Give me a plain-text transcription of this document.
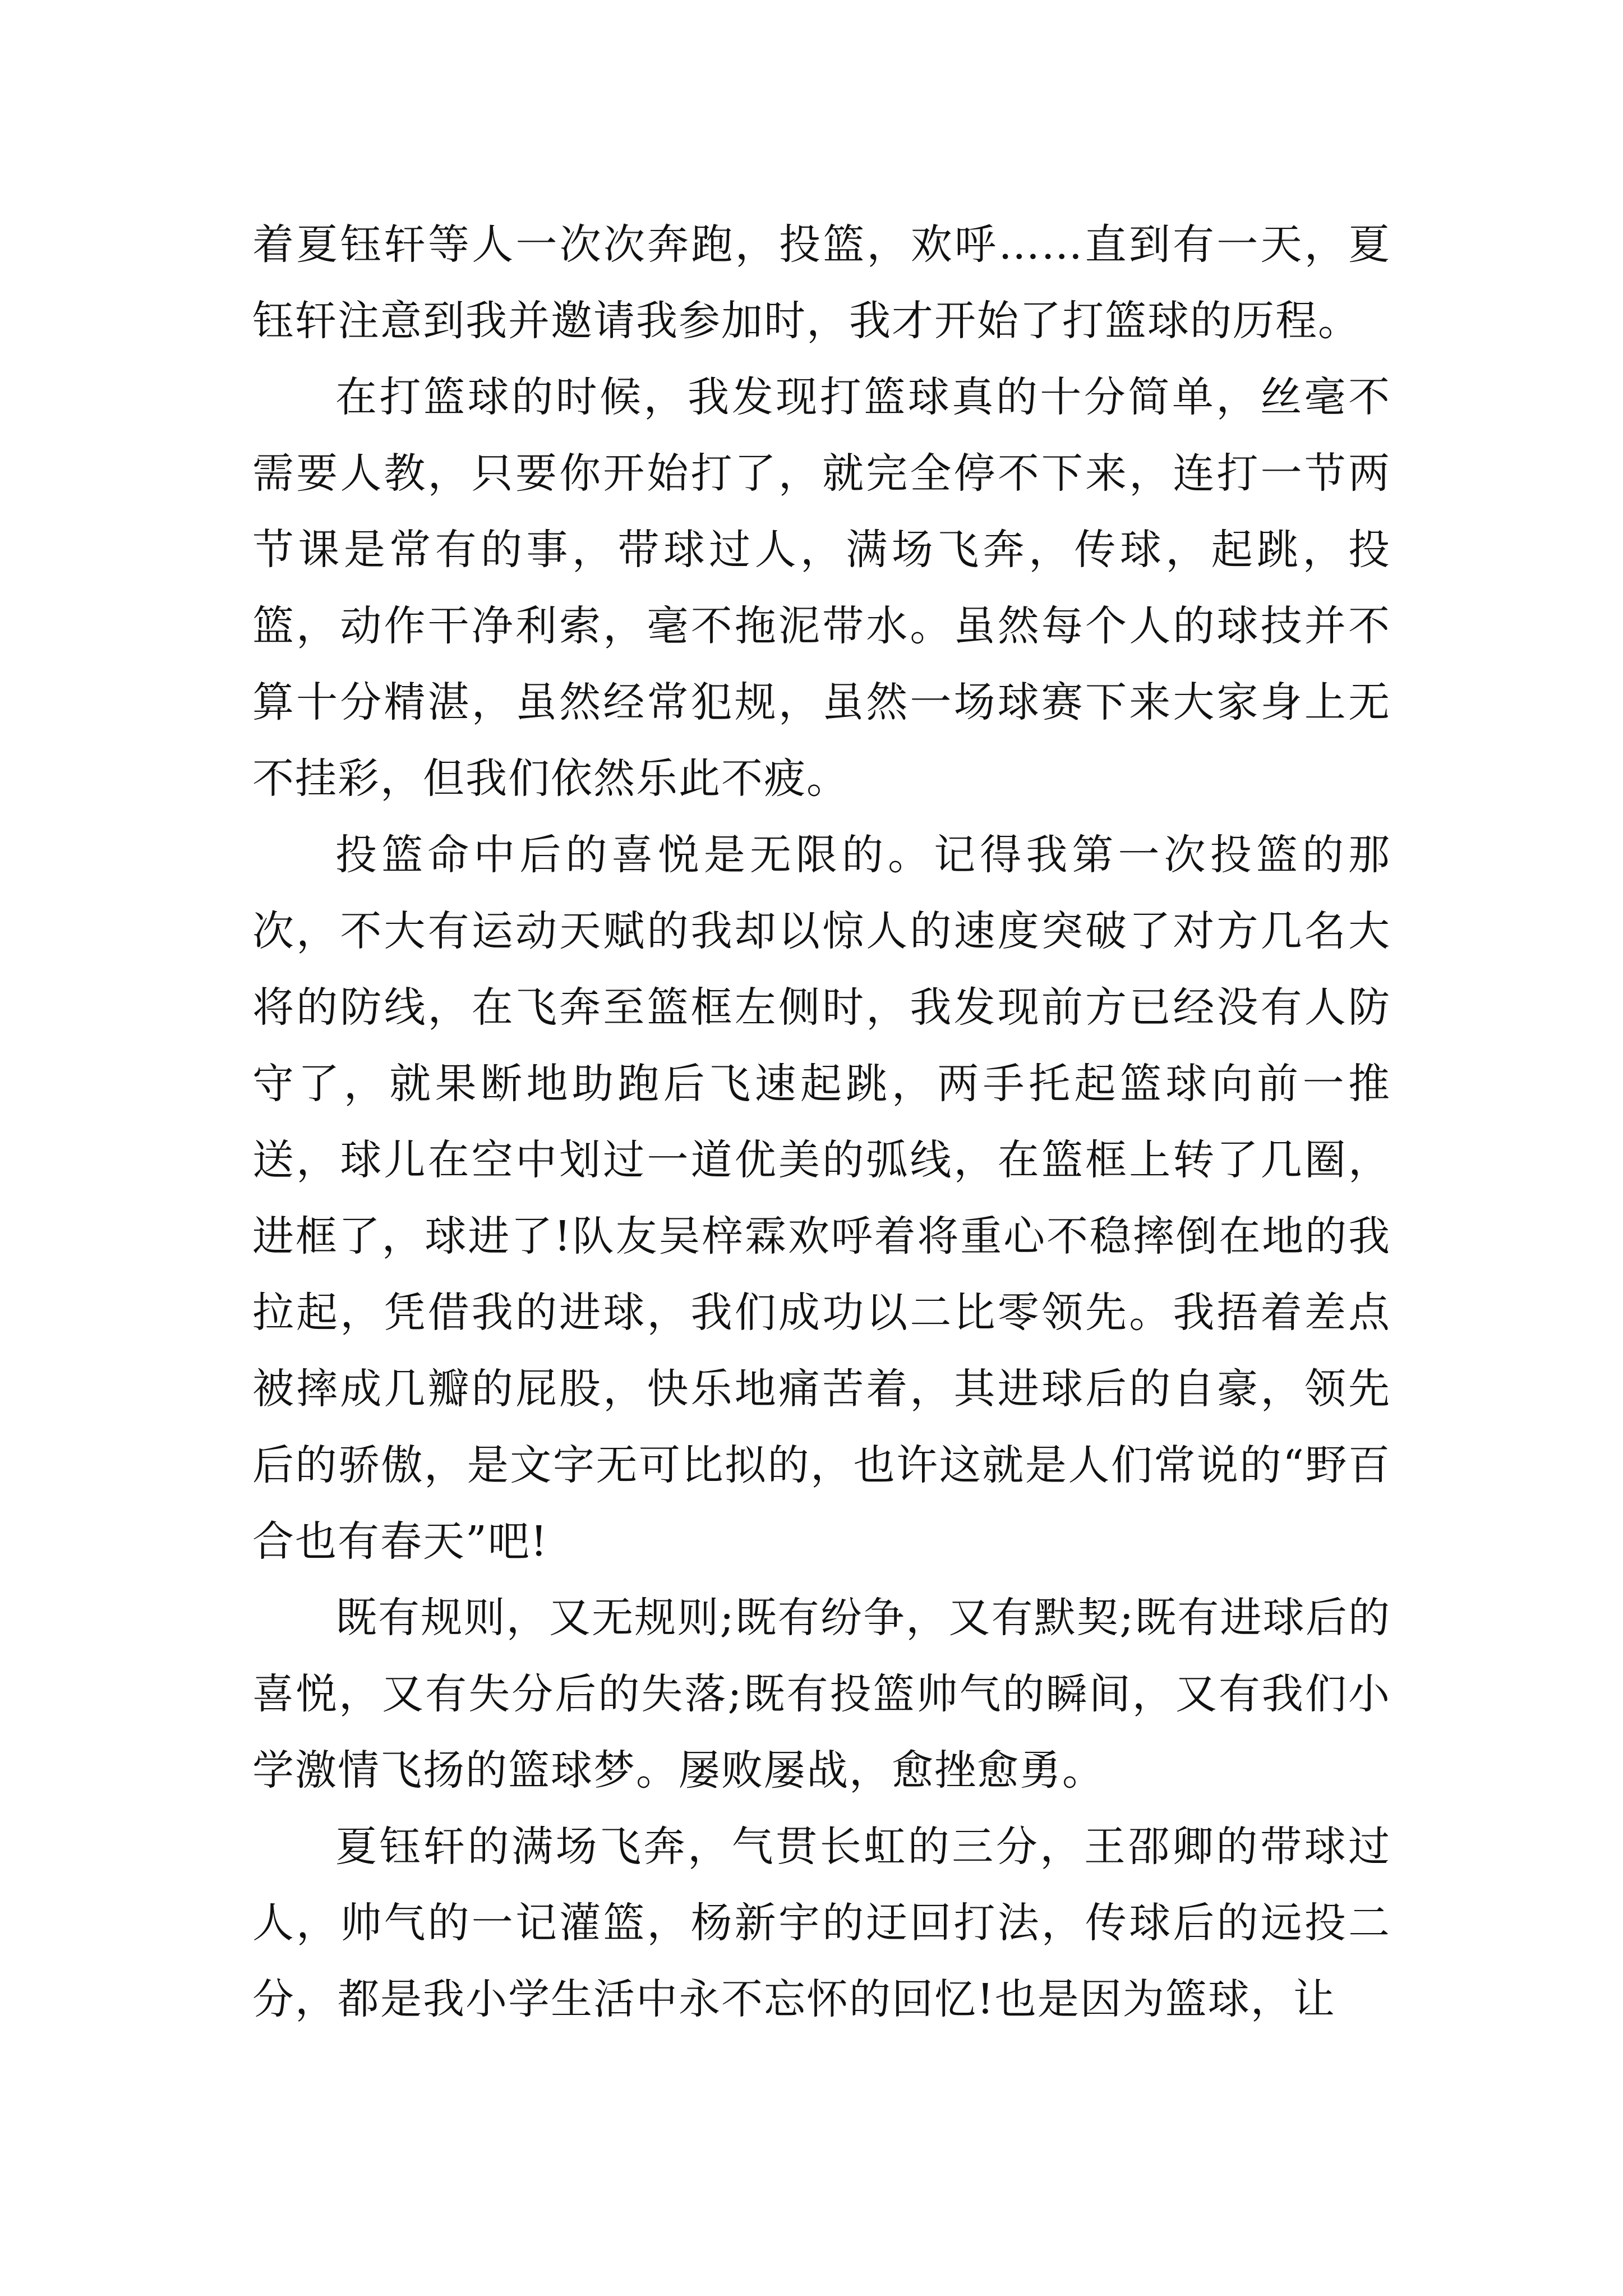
着夏钰轩等人一次次奔跑，投篮，欢呼……直到有一天，夏钰轩注意到我并邀请我参加时，我才开始了打篮球的历程。

在打篮球的时候，我发现打篮球真的十分简单，丝毫不需要人教，只要你开始打了，就完全停不下来，连打一节两节课是常有的事，带球过人，满场飞奔，传球，起跳，投篮，动作干净利索，毫不拖泥带水。虽然每个人的球技并不算十分精湛，虽然经常犯规，虽然一场球赛下来大家身上无不挂彩，但我们依然乐此不疲。

投篮命中后的喜悦是无限的。记得我第一次投篮的那次，不大有运动天赋的我却以惊人的速度突破了对方几名大将的防线，在飞奔至篮框左侧时，我发现前方已经没有人防守了，就果断地助跑后飞速起跳，两手托起篮球向前一推送，球儿在空中划过一道优美的弧线，在篮框上转了几圈，进框了，球进了!队友吴梓霖欢呼着将重心不稳摔倒在地的我拉起，凭借我的进球，我们成功以二比零领先。我捂着差点被摔成几瓣的屁股，快乐地痛苦着，其进球后的自豪，领先后的骄傲，是文字无可比拟的，也许这就是人们常说的“野百合也有春天”吧!

既有规则，又无规则;既有纷争，又有默契;既有进球后的喜悦，又有失分后的失落;既有投篮帅气的瞬间，又有我们小学激情飞扬的篮球梦。屡败屡战，愈挫愈勇。

夏钰轩的满场飞奔，气贯长虹的三分，王邵卿的带球过人，帅气的一记灌篮，杨新宇的迂回打法，传球后的远投二分，都是我小学生活中永不忘怀的回忆!也是因为篮球，让
